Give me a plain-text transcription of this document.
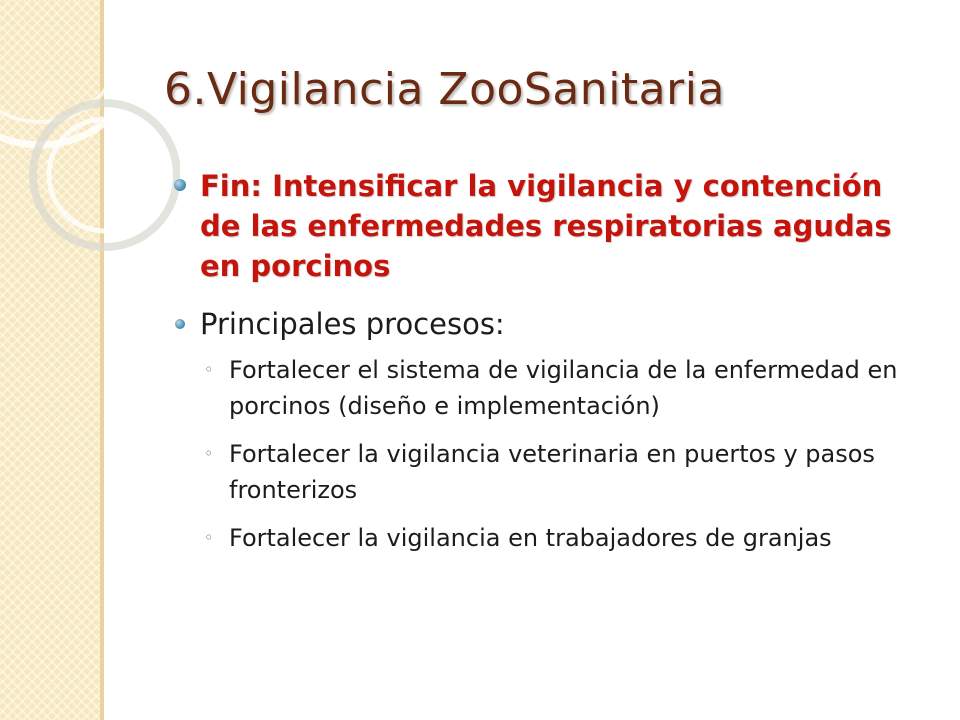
6.Vigilancia ZooSanitaria
Fin: Intensificar la vigilancia y contención de las enfermedades respiratorias agudas en porcinos
Principales procesos:
◦ Fortalecer el sistema de vigilancia de la enfermedad en porcinos (diseño e implementación)
◦ Fortalecer la vigilancia veterinaria en puertos y pasos fronterizos
◦ Fortalecer la vigilancia en trabajadores de granjas
